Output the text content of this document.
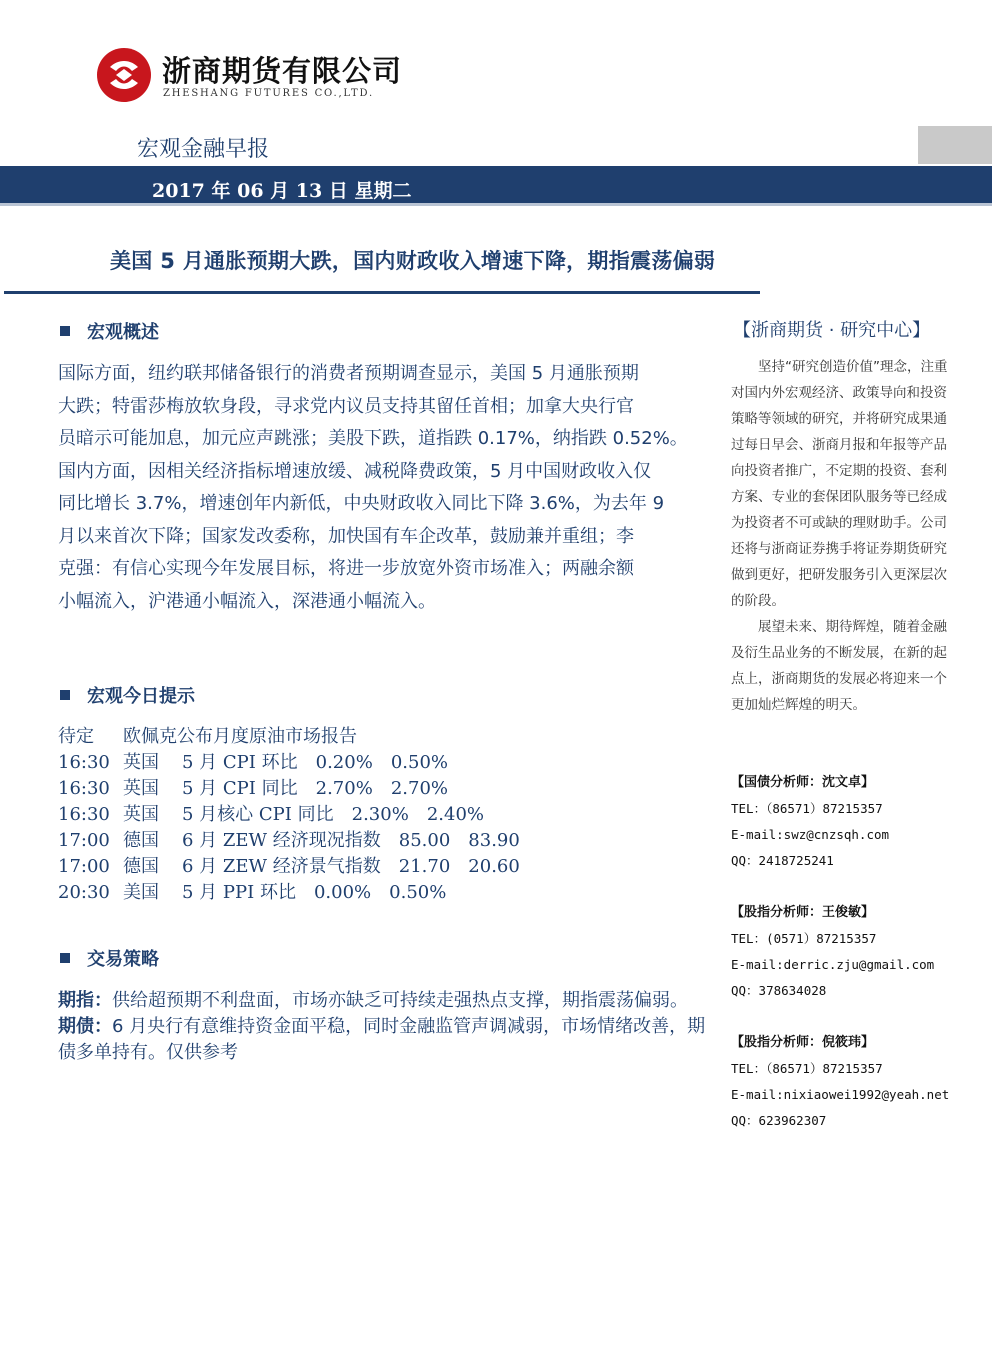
浙商期货有限公司
ZHESHANG FUTURES CO.,LTD.
宏观金融早报
2017 年 06 月 13 日 星期二
美国 5 月通胀预期大跌，国内财政收入增速下降，期指震荡偏弱
宏观概述
国际方面，纽约联邦储备银行的消费者预期调查显示，美国 5 月通胀预期
大跌；特雷莎梅放软身段，寻求党内议员支持其留任首相；加拿大央行官
员暗示可能加息，加元应声跳涨；美股下跌，道指跌 0.17%，纳指跌 0.52%。
国内方面，因相关经济指标增速放缓、减税降费政策，5 月中国财政收入仅
同比增长 3.7%，增速创年内新低，中央财政收入同比下降 3.6%，为去年 9
月以来首次下降；国家发改委称，加快国有车企改革，鼓励兼并重组；李
克强：有信心实现今年发展目标，将进一步放宽外资市场准入；两融余额
小幅流入，沪港通小幅流入，深港通小幅流入。
宏观今日提示
待定 欧佩克公布月度原油市场报告
16:30 英国 5 月 CPI 环比 0.20% 0.50%
16:30 英国 5 月 CPI 同比 2.70% 2.70%
16:30 英国 5 月核心 CPI 同比 2.30% 2.40%
17:00 德国 6 月 ZEW 经济现况指数 85.00 83.90
17:00 德国 6 月 ZEW 经济景气指数 21.70 20.60
20:30 美国 5 月 PPI 环比 0.00% 0.50%
交易策略

期指：供给超预期不利盘面，市场亦缺乏可持续走强热点支撑，期指震荡偏弱。

期债：6 月央行有意维持资金面平稳，同时金融监管声调减弱，市场情绪改善，期债多单持有。仅供参考

【浙商期货 · 研究中心】
坚持“研究创造价值”理念，注重对国内外宏观经济、政策导向和投资策略等领域的研究，并将研究成果通过每日早会、浙商月报和年报等产品向投资者推广，不定期的投资、套利方案、专业的套保团队服务等已经成为投资者不可或缺的理财助手。公司还将与浙商证券携手将证券期货研究做到更好，把研发服务引入更深层次的阶段。
展望未来、期待辉煌，随着金融及衍生品业务的不断发展，在新的起点上，浙商期货的发展必将迎来一个更加灿烂辉煌的明天。
【国债分析师：沈文卓】
TEL：（86571）87215357
E-mail:swz@cnzsqh.com
QQ：2418725241
【股指分析师：王俊敏】
TEL：(0571）87215357
E-mail:derric.zju@gmail.com
QQ：378634028
【股指分析师：倪筱玮】
TEL：（86571）87215357
E-mail:nixiaowei1992@yeah.net
QQ：623962307
